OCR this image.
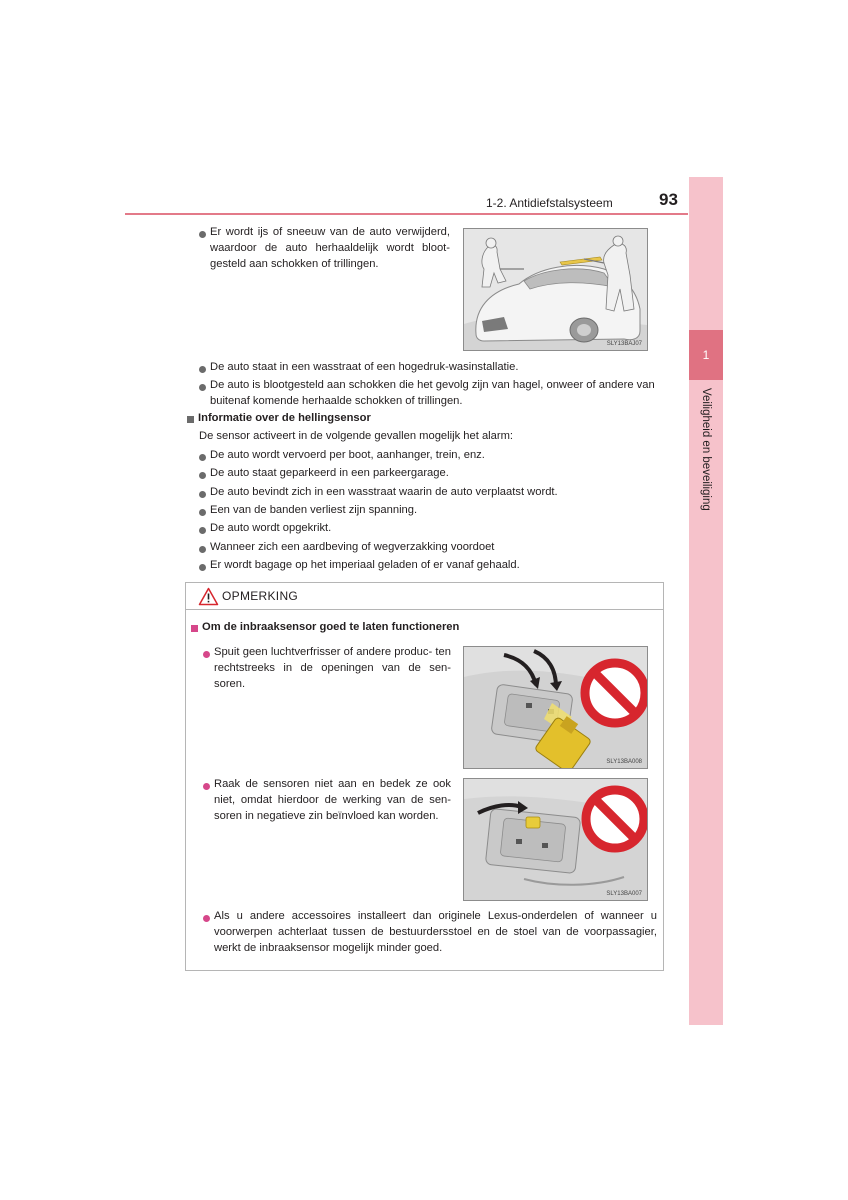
1
Veiligheid en beveiliging
1-2. Antidiefstalsysteem	93
Er wordt ijs of sneeuw van de auto verwijderd, waardoor de auto herhaaldelijk wordt bloot- gesteld aan schokken of trillingen.
SLY13BAJ07
De auto staat in een wasstraat of een hogedruk-wasinstallatie.
De auto is blootgesteld aan schokken die het gevolg zijn van hagel, onweer of andere van buitenaf komende herhaalde schokken of trillingen.
Informatie over de hellingsensor
De sensor activeert in de volgende gevallen mogelijk het alarm:
De auto wordt vervoerd per boot, aanhanger, trein, enz.
De auto staat geparkeerd in een parkeergarage.
De auto bevindt zich in een wasstraat waarin de auto verplaatst wordt.
Een van de banden verliest zijn spanning.
De auto wordt opgekrikt.
Wanneer zich een aardbeving of wegverzakking voordoet
Er wordt bagage op het imperiaal geladen of er vanaf gehaald.
OPMERKING
Om de inbraaksensor goed te laten functioneren
Spuit geen luchtverfrisser of andere produc- ten rechtstreeks in de openingen van de sen- soren.
SLY13BA008
Raak de sensoren niet aan en bedek ze ook niet, omdat hierdoor de werking van de sen- soren in negatieve zin beïnvloed kan worden.
SLY13BA007
Als u andere accessoires installeert dan originele Lexus-onderdelen of wanneer u voorwerpen achterlaat tussen de bestuurdersstoel en de stoel van de voorpassagier, werkt de inbraaksensor mogelijk minder goed.
